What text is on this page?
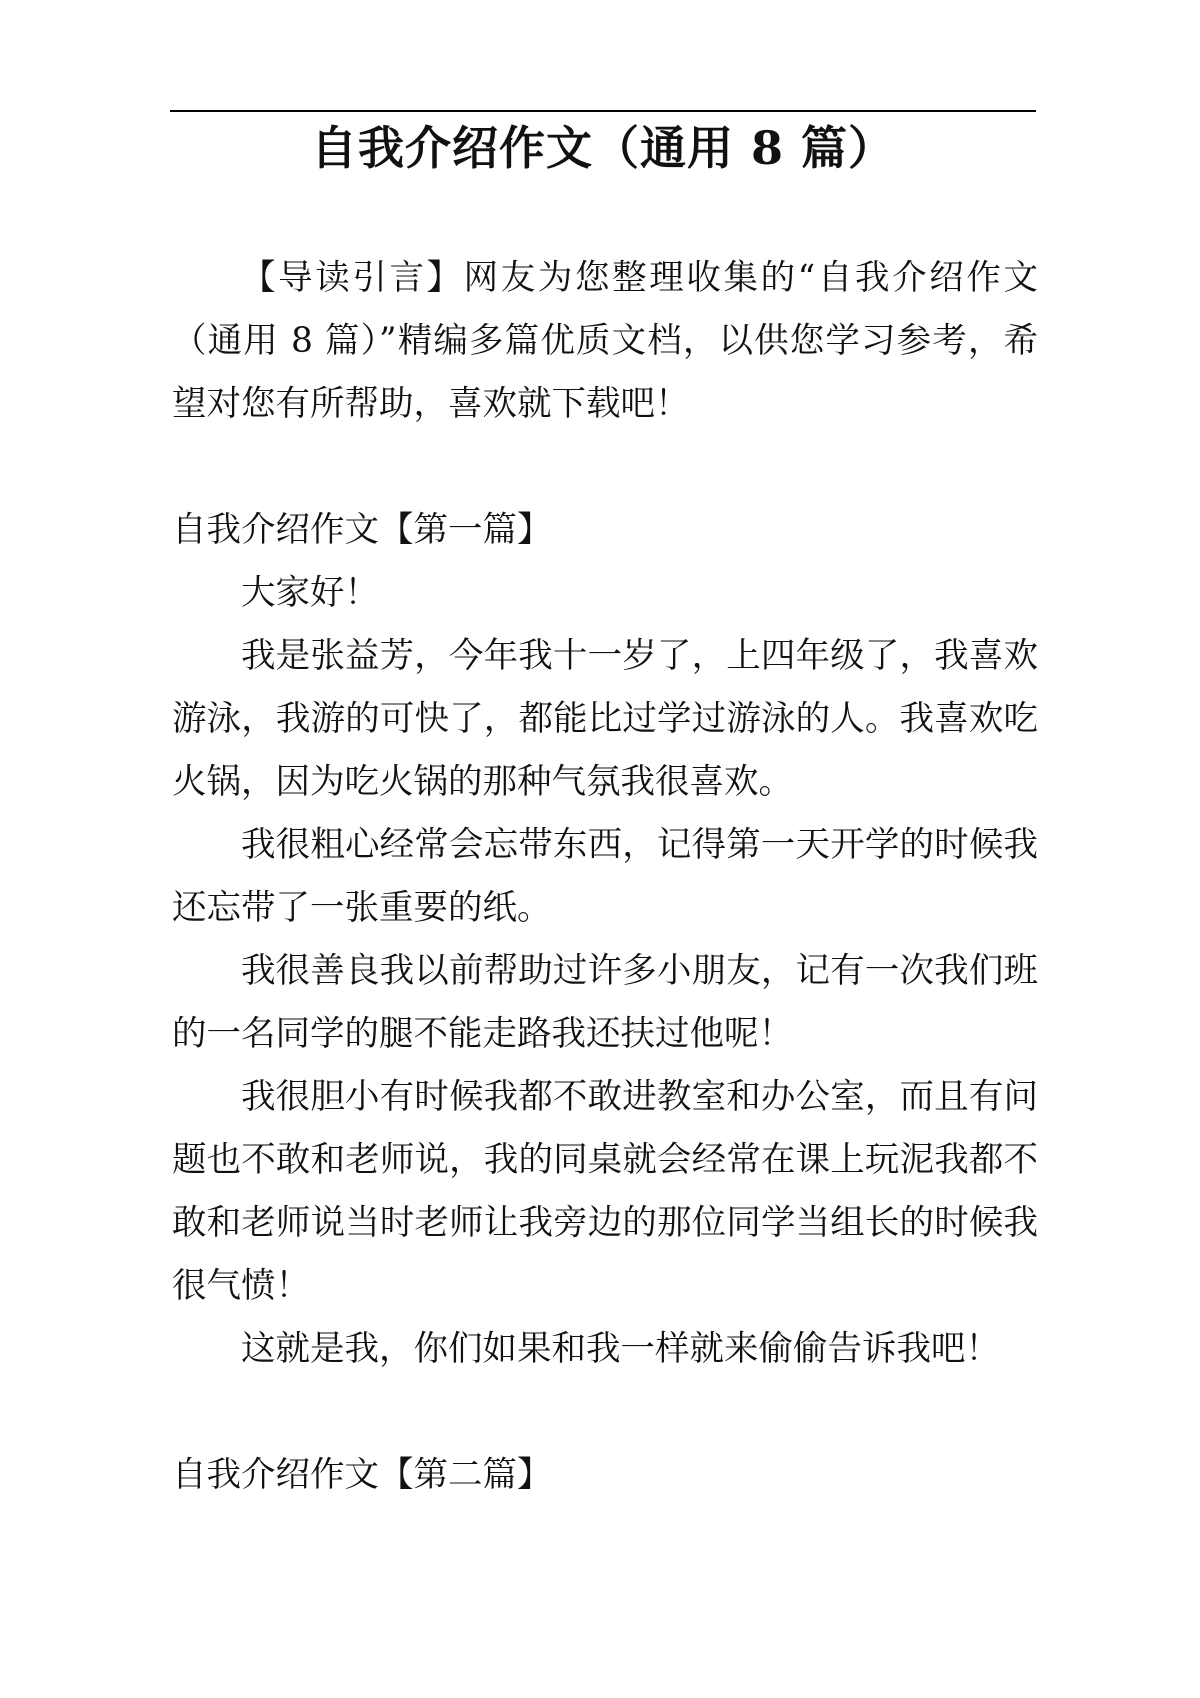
自我介绍作文（通用 8 篇）

【导读引言】网友为您整理收集的“自我介绍作文（通用 8 篇）”精编多篇优质文档，以供您学习参考，希望对您有所帮助，喜欢就下载吧！

自我介绍作文【第一篇】

大家好！

我是张益芳，今年我十一岁了，上四年级了，我喜欢游泳，我游的可快了，都能比过学过游泳的人。我喜欢吃火锅，因为吃火锅的那种气氛我很喜欢。

我很粗心经常会忘带东西，记得第一天开学的时候我还忘带了一张重要的纸。

我很善良我以前帮助过许多小朋友，记有一次我们班的一名同学的腿不能走路我还扶过他呢！

我很胆小有时候我都不敢进教室和办公室，而且有问题也不敢和老师说，我的同桌就会经常在课上玩泥我都不敢和老师说当时老师让我旁边的那位同学当组长的时候我很气愤！

这就是我，你们如果和我一样就来偷偷告诉我吧！

自我介绍作文【第二篇】
